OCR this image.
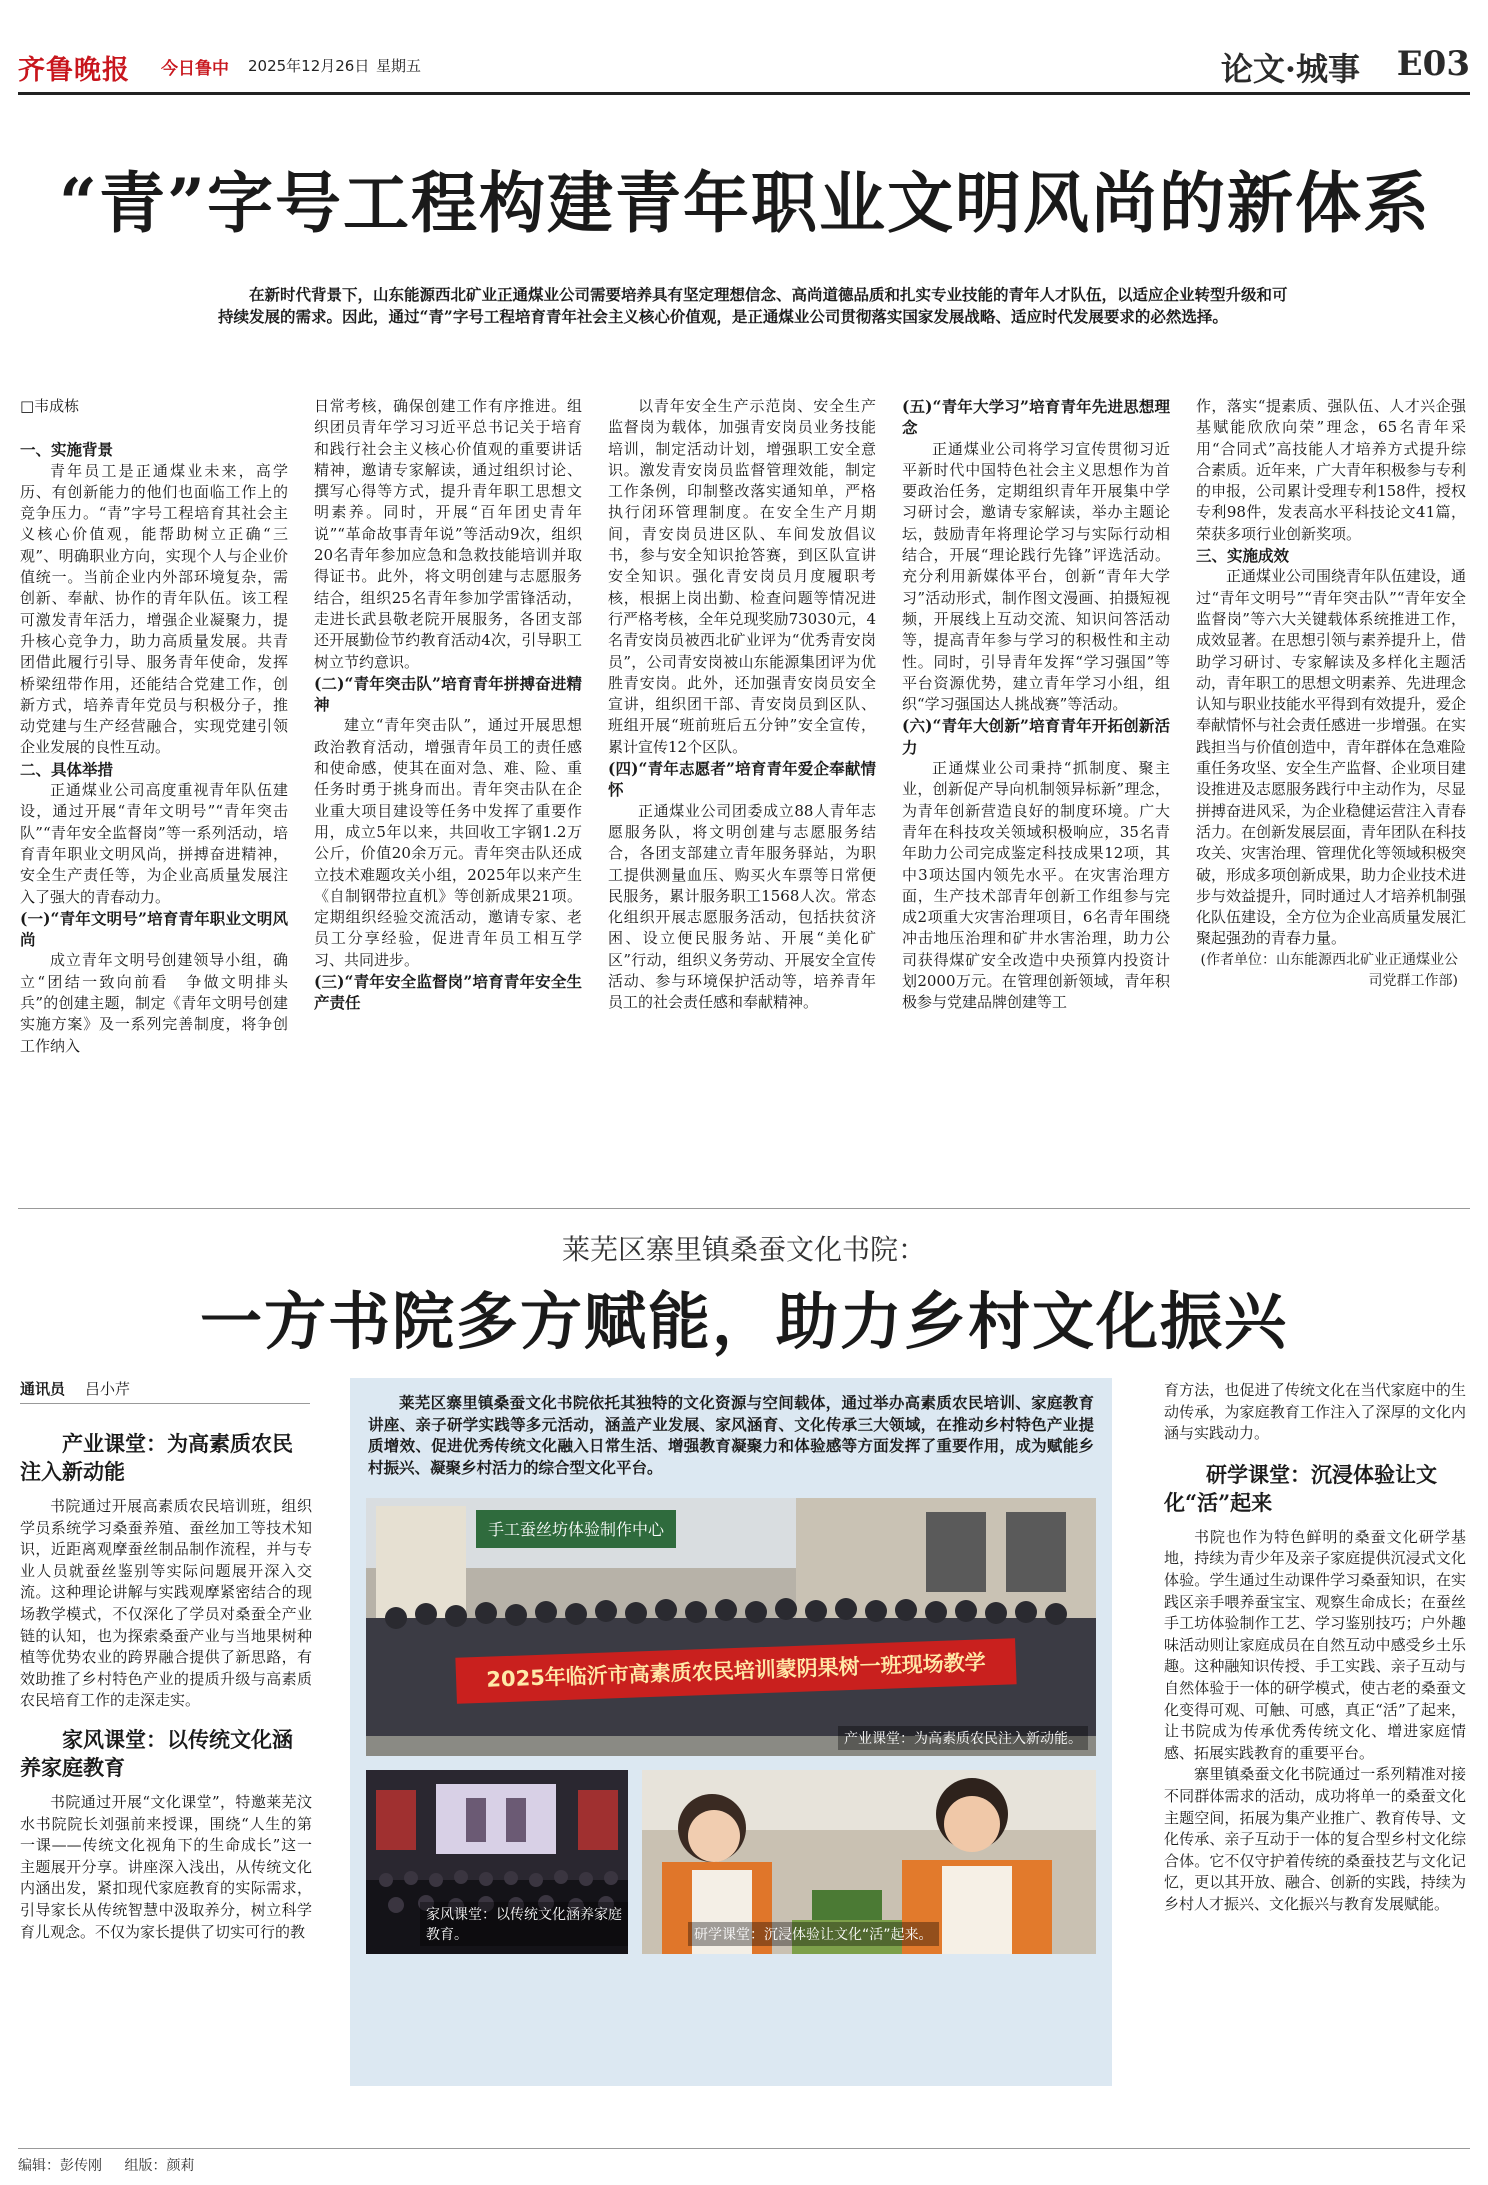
齐鲁晚报 今日鲁中 2025年12月26日 星期五	论文·城事 E03
“青”字号工程构建青年职业文明风尚的新体系
在新时代背景下，山东能源西北矿业正通煤业公司需要培养具有坚定理想信念、高尚道德品质和扎实专业技能的青年人才队伍，以适应企业转型升级和可持续发展的需求。因此，通过“青”字号工程培育青年社会主义核心价值观，是正通煤业公司贯彻落实国家发展战略、适应时代发展要求的必然选择。
□韦成栋
一、实施背景

青年员工是正通煤业未来，高学历、有创新能力的他们也面临工作上的竞争压力。“青”字号工程培育其社会主义核心价值观，能帮助树立正确“三观”、明确职业方向，实现个人与企业价值统一。当前企业内外部环境复杂，需创新、奉献、协作的青年队伍。该工程可激发青年活力，增强企业凝聚力，提升核心竞争力，助力高质量发展。共青团借此履行引导、服务青年使命，发挥桥梁纽带作用，还能结合党建工作，创新方式，培养青年党员与积极分子，推动党建与生产经营融合，实现党建引领企业发展的良性互动。

二、具体举措

正通煤业公司高度重视青年队伍建设，通过开展“青年文明号”“青年突击队”“青年安全监督岗”等一系列活动，培育青年职业文明风尚，拼搏奋进精神，安全生产责任等，为企业高质量发展注入了强大的青春动力。

(一)“青年文明号”培育青年职业文明风尚

成立青年文明号创建领导小组，确立“团结一致向前看　争做文明排头兵”的创建主题，制定《青年文明号创建实施方案》及一系列完善制度，将争创工作纳入

日常考核，确保创建工作有序推进。组织团员青年学习习近平总书记关于培育和践行社会主义核心价值观的重要讲话精神，邀请专家解读，通过组织讨论、撰写心得等方式，提升青年职工思想文明素养。同时，开展“百年团史青年说”“革命故事青年说”等活动9次，组织20名青年参加应急和急救技能培训并取得证书。此外，将文明创建与志愿服务结合，组织25名青年参加学雷锋活动，走进长武县敬老院开展服务，各团支部还开展勤俭节约教育活动4次，引导职工树立节约意识。

(二)“青年突击队”培育青年拼搏奋进精神

建立“青年突击队”，通过开展思想政治教育活动，增强青年员工的责任感和使命感，使其在面对急、难、险、重任务时勇于挑身而出。青年突击队在企业重大项目建设等任务中发挥了重要作用，成立5年以来，共回收工字钢1.2万公斤，价值20余万元。青年突击队还成立技术难题攻关小组，2025年以来产生《自制钢带拉直机》等创新成果21项。定期组织经验交流活动，邀请专家、老员工分享经验，促进青年员工相互学习、共同进步。

(三)“青年安全监督岗”培育青年安全生产责任

以青年安全生产示范岗、安全生产监督岗为载体，加强青安岗员业务技能培训，制定活动计划，增强职工安全意识。激发青安岗员监督管理效能，制定工作条例，印制整改落实通知单，严格执行闭环管理制度。在安全生产月期间，青安岗员进区队、车间发放倡议书，参与安全知识抢答赛，到区队宣讲安全知识。强化青安岗员月度履职考核，根据上岗出勤、检查问题等情况进行严格考核，全年兑现奖励73030元，4名青安岗员被西北矿业评为“优秀青安岗员”，公司青安岗被山东能源集团评为优胜青安岗。此外，还加强青安岗员安全宣讲，组织团干部、青安岗员到区队、班组开展“班前班后五分钟”安全宣传，累计宣传12个区队。

(四)“青年志愿者”培育青年爱企奉献情怀

正通煤业公司团委成立88人青年志愿服务队，将文明创建与志愿服务结合，各团支部建立青年服务驿站，为职工提供测量血压、购买火车票等日常便民服务，累计服务职工1568人次。常态化组织开展志愿服务活动，包括扶贫济困、设立便民服务站、开展“美化矿区”行动，组织义务劳动、开展安全宣传活动、参与环境保护活动等，培养青年员工的社会责任感和奉献精神。

(五)“青年大学习”培育青年先进思想理念

正通煤业公司将学习宣传贯彻习近平新时代中国特色社会主义思想作为首要政治任务，定期组织青年开展集中学习研讨会，邀请专家解读，举办主题论坛，鼓励青年将理论学习与实际行动相结合，开展“理论践行先锋”评选活动。充分利用新媒体平台，创新“青年大学习”活动形式，制作图文漫画、拍摄短视频，开展线上互动交流、知识问答活动等，提高青年参与学习的积极性和主动性。同时，引导青年发挥“学习强国”等平台资源优势，建立青年学习小组，组织“学习强国达人挑战赛”等活动。

(六)“青年大创新”培育青年开拓创新活力

正通煤业公司秉持“抓制度、聚主业，创新促产导向机制领异标新”理念，为青年创新营造良好的制度环境。广大青年在科技攻关领域积极响应，35名青年助力公司完成鉴定科技成果12项，其中3项达国内领先水平。在灾害治理方面，生产技术部青年创新工作组参与完成2项重大灾害治理项目，6名青年围绕冲击地压治理和矿井水害治理，助力公司获得煤矿安全改造中央预算内投资计划2000万元。在管理创新领域，青年积极参与党建品牌创建等工

作，落实“提素质、强队伍、人才兴企强基赋能欣欣向荣”理念，65名青年采用“合同式”高技能人才培养方式提升综合素质。近年来，广大青年积极参与专利的申报，公司累计受理专利158件，授权专利98件，发表高水平科技论文41篇，荣获多项行业创新奖项。

三、实施成效

正通煤业公司围绕青年队伍建设，通过“青年文明号”“青年突击队”“青年安全监督岗”等六大关键载体系统推进工作，成效显著。在思想引领与素养提升上，借助学习研讨、专家解读及多样化主题活动，青年职工的思想文明素养、先进理念认知与职业技能水平得到有效提升，爱企奉献情怀与社会责任感进一步增强。在实践担当与价值创造中，青年群体在急难险重任务攻坚、安全生产监督、企业项目建设推进及志愿服务践行中主动作为，尽显拼搏奋进风采，为企业稳健运营注入青春活力。在创新发展层面，青年团队在科技攻关、灾害治理、管理优化等领域积极突破，形成多项创新成果，助力企业技术进步与效益提升，同时通过人才培养机制强化队伍建设，全方位为企业高质量发展汇聚起强劲的青春力量。

(作者单位：山东能源西北矿业正通煤业公司党群工作部)

莱芜区寨里镇桑蚕文化书院：
一方书院多方赋能，助力乡村文化振兴
通讯员 吕小芹
产业课堂：为高素质农民注入新动能

书院通过开展高素质农民培训班，组织学员系统学习桑蚕养殖、蚕丝加工等技术知识，近距离观摩蚕丝制品制作流程，并与专业人员就蚕丝鉴别等实际问题展开深入交流。这种理论讲解与实践观摩紧密结合的现场教学模式，不仅深化了学员对桑蚕全产业链的认知，也为探索桑蚕产业与当地果树种植等优势农业的跨界融合提供了新思路，有效助推了乡村特色产业的提质升级与高素质农民培育工作的走深走实。

家风课堂：以传统文化涵养家庭教育

书院通过开展“文化课堂”，特邀莱芜汶水书院院长刘强前来授课，围绕“人生的第一课——传统文化视角下的生命成长”这一主题展开分享。讲座深入浅出，从传统文化内涵出发，紧扣现代家庭教育的实际需求，引导家长从传统智慧中汲取养分，树立科学育儿观念。不仅为家长提供了切实可行的教

莱芜区寨里镇桑蚕文化书院依托其独特的文化资源与空间载体，通过举办高素质农民培训、家庭教育讲座、亲子研学实践等多元活动，涵盖产业发展、家风涵育、文化传承三大领域，在推动乡村特色产业提质增效、促进优秀传统文化融入日常生活、增强教育凝聚力和体验感等方面发挥了重要作用，成为赋能乡村振兴、凝聚乡村活力的综合型文化平台。
手工蚕丝坊体验制作中心
2025年临沂市高素质农民培训蒙阴果树一班现场教学
产业课堂：为高素质农民注入新动能。
家风课堂：以传统文化涵养家庭教育。	研学课堂：沉浸体验让文化“活”起来。

育方法，也促进了传统文化在当代家庭中的生动传承，为家庭教育工作注入了深厚的文化内涵与实践动力。

研学课堂：沉浸体验让文化“活”起来

书院也作为特色鲜明的桑蚕文化研学基地，持续为青少年及亲子家庭提供沉浸式文化体验。学生通过生动课件学习桑蚕知识，在实践区亲手喂养蚕宝宝、观察生命成长；在蚕丝手工坊体验制作工艺、学习鉴别技巧；户外趣味活动则让家庭成员在自然互动中感受乡土乐趣。这种融知识传授、手工实践、亲子互动与自然体验于一体的研学模式，使古老的桑蚕文化变得可观、可触、可感，真正“活”了起来，让书院成为传承优秀传统文化、增进家庭情感、拓展实践教育的重要平台。

寨里镇桑蚕文化书院通过一系列精准对接不同群体需求的活动，成功将单一的桑蚕文化主题空间，拓展为集产业推广、教育传导、文化传承、亲子互动于一体的复合型乡村文化综合体。它不仅守护着传统的桑蚕技艺与文化记忆，更以其开放、融合、创新的实践，持续为乡村人才振兴、文化振兴与教育发展赋能。

编辑：彭传刚 组版：颜莉
